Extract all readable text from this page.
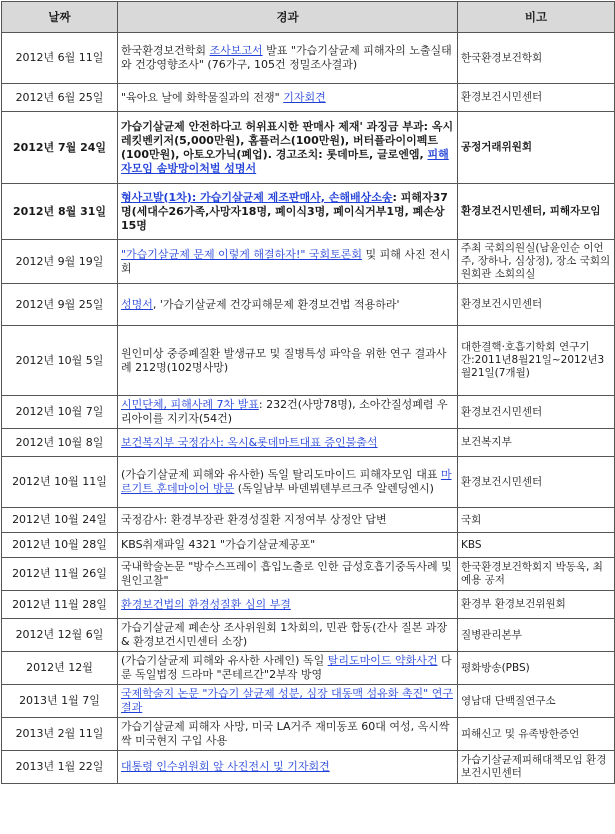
날짜	경과	비고
2012년 6월 11일	한국환경보건학회 조사보고서 발표 "가습기살균제 피해자의 노출실태와 건강영향조사" (76가구, 105건 정밀조사결과)	한국환경보건학회
2012년 6월 25일	"육아요 날에 화학물질과의 전쟁" 기자회견	환경보건시민센터
2012년 7월 24일	가습기살균제 안전하다고 허위표시한 판매사 제재' 과징금 부과: 옥시레킷벤키저(5,000만원), 홈플러스(100만원), 버터플라이이펙트(100만원), 아토오가닉(폐업). 경고조치: 롯데마트, 글로엔엠, 피해자모임 솜방망이처벌 성명서	공정거래위원회
2012년 8월 31일	형사고발(1차): 가습기살균제 제조판매사, 손해배상소송: 피해자37명(세대수26가족,사망자18명, 폐이식3명, 폐이식거부1명, 폐손상15명	환경보건시민센터, 피해자모임
2012년 9월 19일	"가습기살균제 문제 이렇게 해결하자!" 국회토론회 및 피해 사진 전시회	주최 국회의원실(남윤인순 이언주, 장하나, 심상정), 장소 국회의원회관 소회의실
2012년 9월 25일	성명서, '가습기살균제 건강피해문제 환경보건법 적용하라'	환경보건시민센터
2012년 10월 5일	원인미상 중증폐질환 발생규모 및 질병특성 파악을 위한 연구 결과사례 212명(102명사망)	대한결핵·호흡기학회 연구기간:2011년8월21일~2012년3월21일(7개월)
2012년 10월 7일	시민단체, 피해사례 7차 발표: 232건(사망78명), 소아간질성폐렴 우리아이를 지키자(54건)	환경보건시민센터
2012년 10월 8일	보건복지부 국정감사: 옥시&롯데마트대표 증인불출석	보건복지부
2012년 10월 11일	(가습기살균제 피해와 유사한) 독일 탈리도마이드 피해자모임 대표 마르기트 훈데마이어 방문 (독일남부 바덴뷔텐부르크주 알렌딩엔시)	환경보건시민센터
2012년 10월 24일	국정감사: 환경부장관 환경성질환 지정여부 상정안 답변	국회
2012년 10월 28일	KBS취재파일 4321 "가습기살균제공포"	KBS
2012년 11월 26일	국내학술논문 "방수스프레이 흡입노출로 인한 급성호흡기중독사례 및 원인고찰"	한국환경보건학회지 박동욱, 최예용 공저
2012년 11월 28일	환경보건법의 환경성질환 심의 부결	환경부 환경보건위원회
2012년 12월 6일	가습기살균제 폐손상 조사위원회 1차회의, 민관 합동(간사 질본 과장 & 환경보건시민센터 소장)	질병관리본부
2012년 12월	(가습기살균제 피해와 유사한 사례인) 독일 탈리도마이드 약화사건 다룬 독일법정 드라마 "콘테르간"2부작 방영	평화방송(PBS)
2013년 1월 7일	국제학술지 논문 "가습기 살균제 성분, 심장 대동맥 섬유화 촉진" 연구결과	영남대 단백질연구소
2013년 2월 11일	가습기살균제 피해자 사망, 미국 LA거주 재미동포 60대 여성, 옥시싹싹 미국현지 구입 사용	피해신고 및 유족방한증언
2013년 1월 22일	대통령 인수위원회 앞 사진전시 및 기자회견	가습기살균제피해대책모임 환경보건시민센터
